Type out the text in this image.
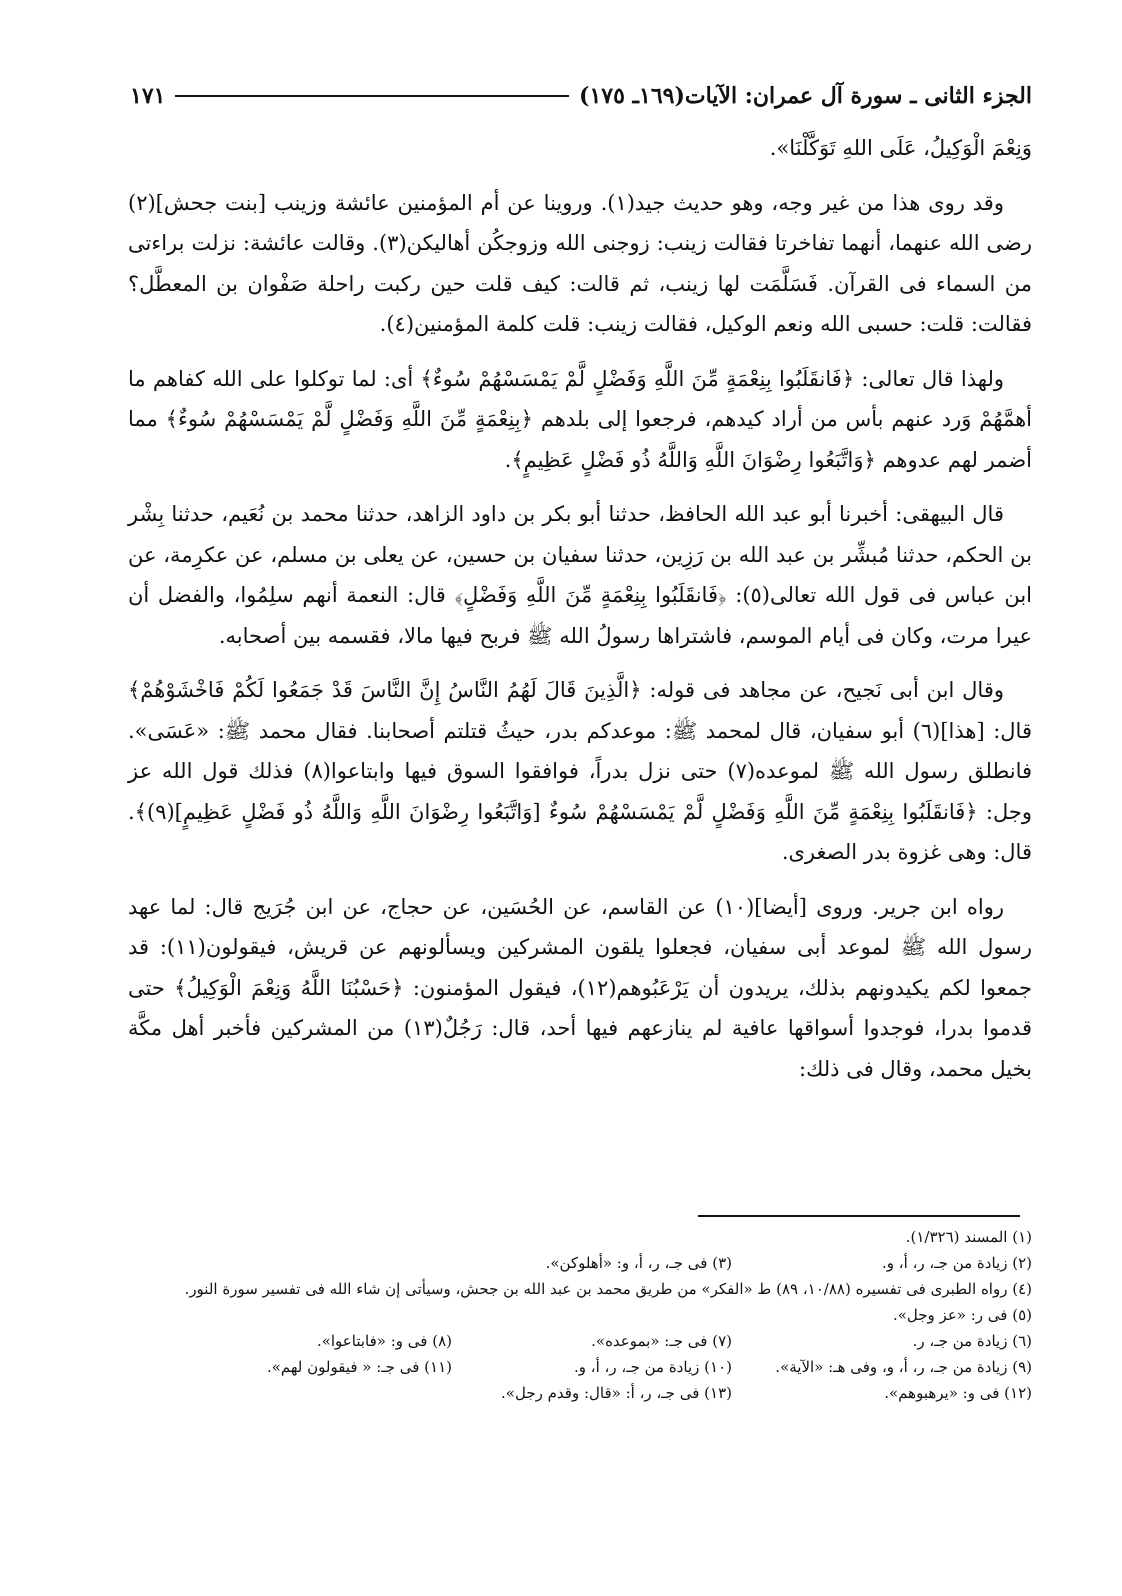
الجزء الثانى ـ سورة آل عمران: الآيات(١٦٩ـ ١٧٥)
١٧١

وَنِعْمَ الْوَكِيلُ، عَلَى اللهِ تَوَكَّلْنَا».

وقد روى هذا من غير وجه، وهو حديث جيد(١). وروينا عن أم المؤمنين عائشة وزينب [بنت جحش](٢) رضى الله عنهما، أنهما تفاخرتا فقالت زينب: زوجنى الله وزوجكُن أهاليكن(٣). وقالت عائشة: نزلت براءتى من السماء فى القرآن. فَسَلَّمَت لها زينب، ثم قالت: كيف قلت حين ركبت راحلة صَفْوان بن المعطَّل؟ فقالت: قلت: حسبى الله ونعم الوكيل، فقالت زينب: قلت كلمة المؤمنين(٤).

ولهذا قال تعالى: ﴿فَانقَلَبُوا بِنِعْمَةٍ مِّنَ اللَّهِ وَفَضْلٍ لَّمْ يَمْسَسْهُمْ سُوءٌ﴾ أى: لما توكلوا على الله كفاهم ما أهمَّهُمْ وَرد عنهم بأس من أراد كيدهم، فرجعوا إلى بلدهم ﴿بِنِعْمَةٍ مِّنَ اللَّهِ وَفَضْلٍ لَّمْ يَمْسَسْهُمْ سُوءٌ﴾ مما أضمر لهم عدوهم ﴿وَاتَّبَعُوا رِضْوَانَ اللَّهِ وَاللَّهُ ذُو فَضْلٍ عَظِيمٍ﴾.

قال البيهقى: أخبرنا أبو عبد الله الحافظ، حدثنا أبو بكر بن داود الزاهد، حدثنا محمد بن نُعَيم، حدثنا بِشْر بن الحكم، حدثنا مُبشِّر بن عبد الله بن رَزِين، حدثنا سفيان بن حسين، عن يعلى بن مسلم، عن عكرِمة، عن ابن عباس فى قول الله تعالى(٥): ﴿فَانقَلَبُوا بِنِعْمَةٍ مِّنَ اللَّهِ وَفَضْلٍ﴾ قال: النعمة أنهم سلِمُوا، والفضل أن عيرا مرت، وكان فى أيام الموسم، فاشتراها رسولُ الله ﷺ فربح فيها مالا، فقسمه بين أصحابه.

وقال ابن أبى نَجيح، عن مجاهد فى قوله: ﴿الَّذِينَ قَالَ لَهُمُ النَّاسُ إِنَّ النَّاسَ قَدْ جَمَعُوا لَكُمْ فَاخْشَوْهُمْ﴾ قال: [هذا](٦) أبو سفيان، قال لمحمد ﷺ: موعدكم بدر، حيثُ قتلتم أصحابنا. فقال محمد ﷺ: «عَسَى». فانطلق رسول الله ﷺ لموعده(٧) حتى نزل بدراً، فوافقوا السوق فيها وابتاعوا(٨) فذلك قول الله عز وجل: ﴿فَانقَلَبُوا بِنِعْمَةٍ مِّنَ اللَّهِ وَفَضْلٍ لَّمْ يَمْسَسْهُمْ سُوءٌ [وَاتَّبَعُوا رِضْوَانَ اللَّهِ وَاللَّهُ ذُو فَضْلٍ عَظِيمٍ](٩)﴾. قال: وهى غزوة بدر الصغرى.

رواه ابن جرير. وروى [أيضا](١٠) عن القاسم، عن الحُسَين، عن حجاج، عن ابن جُرَيج قال: لما عهد رسول الله ﷺ لموعد أبى سفيان، فجعلوا يلقون المشركين ويسألونهم عن قريش، فيقولون(١١): قد جمعوا لكم يكيدونهم بذلك، يريدون أن يَرْعَبُوهم(١٢)، فيقول المؤمنون: ﴿حَسْبُنَا اللَّهُ وَنِعْمَ الْوَكِيلُ﴾ حتى قدموا بدرا، فوجدوا أسواقها عافية لم ينازعهم فيها أحد، قال: رَجُلٌ(١٣) من المشركين فأخبر أهل مكَّة بخيل محمد، وقال فى ذلك:

(١) المسند (١/٣٢٦).
(٢) زيادة من جـ، ر، أ، و.
(٣) فى جـ، ر، أ، و: «أهلوكن».
(٤) رواه الطبرى فى تفسيره (١٠/٨٨، ٨٩) ط «الفكر» من طريق محمد بن عبد الله بن جحش، وسيأتى إن شاء الله فى تفسير سورة النور.
(٥) فى ر: «عز وجل».
(٦) زيادة من جـ، ر.
(٧) فى جـ: «بموعده».
(٨) فى و: «فابتاعوا».
(٩) زيادة من جـ، ر، أ، و، وفى هـ: «الآية».
(١٠) زيادة من جـ، ر، أ، و.
(١١) فى جـ: « فيقولون لهم».
(١٢) فى و: «يرهبوهم».
(١٣) فى جـ، ر، أ: «قال: وقدم رجل».
